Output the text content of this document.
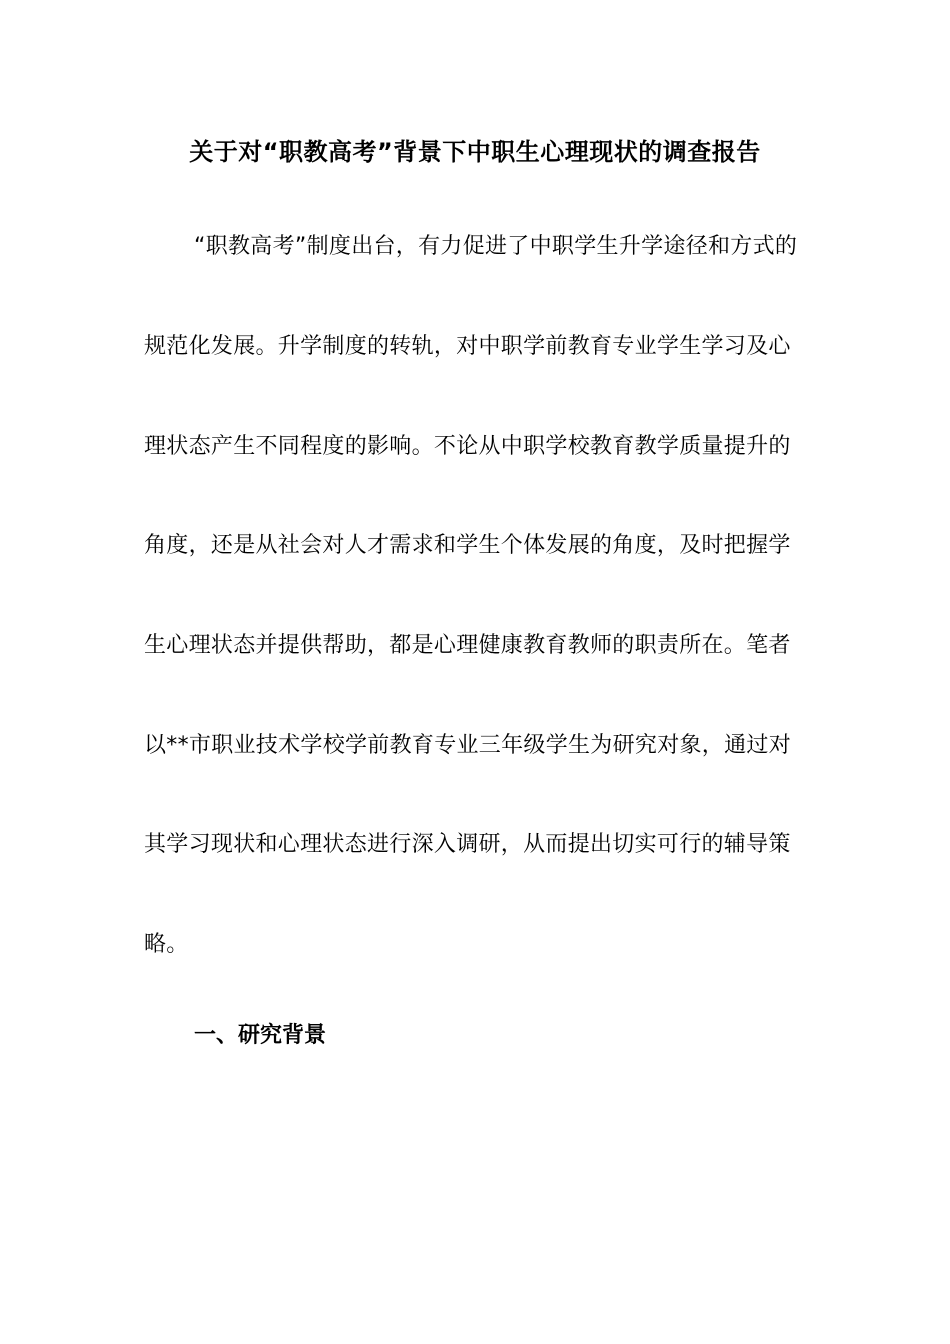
关于对“职教高考”背景下中职生心理现状的调查报告
“职教高考”制度出台，有力促进了中职学生升学途径和方式的
规范化发展。升学制度的转轨，对中职学前教育专业学生学习及心
理状态产生不同程度的影响。不论从中职学校教育教学质量提升的
角度，还是从社会对人才需求和学生个体发展的角度，及时把握学
生心理状态并提供帮助，都是心理健康教育教师的职责所在。笔者
以**市职业技术学校学前教育专业三年级学生为研究对象，通过对
其学习现状和心理状态进行深入调研，从而提出切实可行的辅导策
略。
一、研究背景
